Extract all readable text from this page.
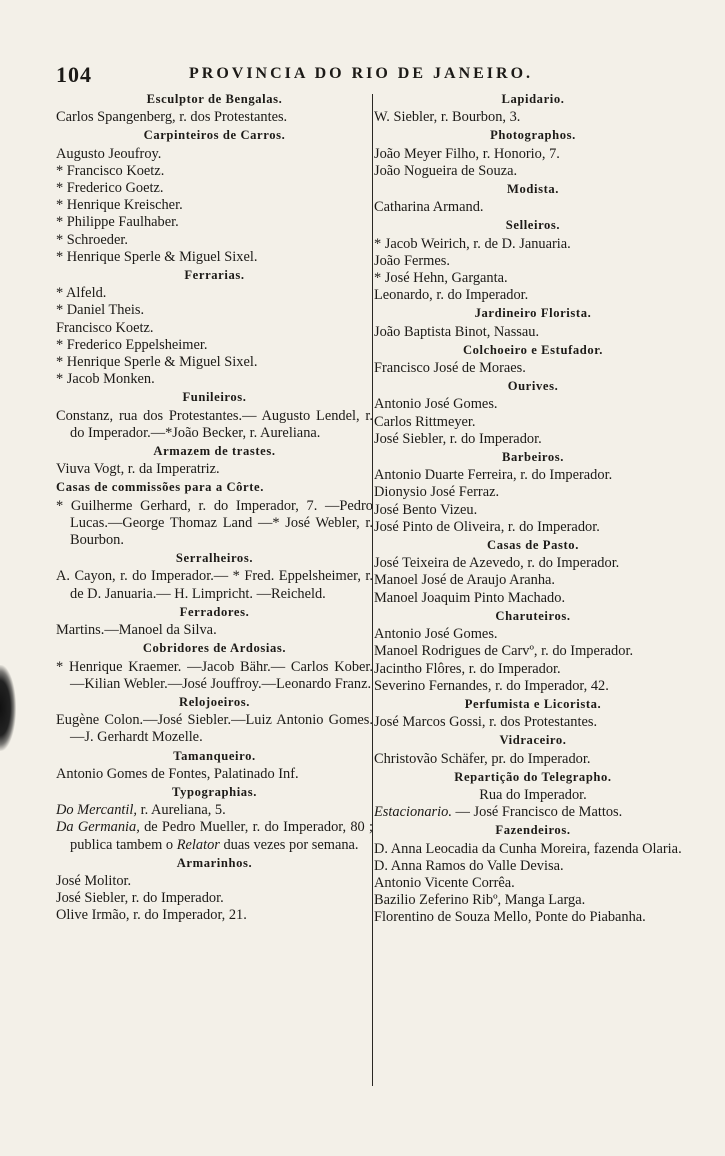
104	PROVINCIA DO RIO DE JANEIRO.
Esculptor de Bengalas.
Carlos Spangenberg, r. dos Protestantes.
Carpinteiros de Carros.
Augusto Jeoufroy.
* Francisco Koetz.
* Frederico Goetz.
* Henrique Kreischer.
* Philippe Faulhaber.
* Schroeder.
* Henrique Sperle & Miguel Sixel.
Ferrarias.
* Alfeld.
* Daniel Theis.
Francisco Koetz.
* Frederico Eppelsheimer.
* Henrique Sperle & Miguel Sixel.
* Jacob Monken.
Funileiros.
Constanz, rua dos Protestantes.— Augusto Lendel, r. do Imperador.—*João Becker, r. Aureliana.
Armazem de trastes.
Viuva Vogt, r. da Imperatriz.
Casas de commissões para a Côrte.
* Guilherme Gerhard, r. do Imperador, 7. —Pedro Lucas.—George Thomaz Land —* José Webler, r. Bourbon.
Serralheiros.
A. Cayon, r. do Imperador.— * Fred. Eppelsheimer, r. de D. Januaria.— H. Limpricht. —Reicheld.
Ferradores.
Martins.—Manoel da Silva.
Cobridores de Ardosias.
* Henrique Kraemer. —Jacob Bähr.— Carlos Kober.—Kilian Webler.—José Jouffroy.—Leonardo Franz.
Relojoeiros.
Eugène Colon.—José Siebler.—Luiz Antonio Gomes.—J. Gerhardt Mozelle.
Tamanqueiro.
Antonio Gomes de Fontes, Palatinado Inf.
Typographias.
Do Mercantil, r. Aureliana, 5.
Da Germania, de Pedro Mueller, r. do Imperador, 80 ; publica tambem o Relator duas vezes por semana.
Armarinhos.
José Molitor.
José Siebler, r. do Imperador.
Olive Irmão, r. do Imperador, 21.
Lapidario.
W. Siebler, r. Bourbon, 3.
Photographos.
João Meyer Filho, r. Honorio, 7.
João Nogueira de Souza.
Modista.
Catharina Armand.
Selleiros.
* Jacob Weirich, r. de D. Januaria.
João Fermes.
* José Hehn, Garganta.
Leonardo, r. do Imperador.
Jardineiro Florista.
João Baptista Binot, Nassau.
Colchoeiro e Estufador.
Francisco José de Moraes.
Ourives.
Antonio José Gomes.
Carlos Rittmeyer.
José Siebler, r. do Imperador.
Barbeiros.
Antonio Duarte Ferreira, r. do Imperador.
Dionysio José Ferraz.
José Bento Vizeu.
José Pinto de Oliveira, r. do Imperador.
Casas de Pasto.
José Teixeira de Azevedo, r. do Imperador.
Manoel José de Araujo Aranha.
Manoel Joaquim Pinto Machado.
Charuteiros.
Antonio José Gomes.
Manoel Rodrigues de Carvº, r. do Imperador.
Jacintho Flôres, r. do Imperador.
Severino Fernandes, r. do Imperador, 42.
Perfumista e Licorista.
José Marcos Gossi, r. dos Protestantes.
Vidraceiro.
Christovão Schäfer, pr. do Imperador.
Repartição do Telegrapho.
Rua do Imperador.
Estacionario. — José Francisco de Mattos.
Fazendeiros.
D. Anna Leocadia da Cunha Moreira, fazenda Olaria.
D. Anna Ramos do Valle Devisa.
Antonio Vicente Corrêa.
Bazilio Zeferino Ribº, Manga Larga.
Florentino de Souza Mello, Ponte do Piabanha.
